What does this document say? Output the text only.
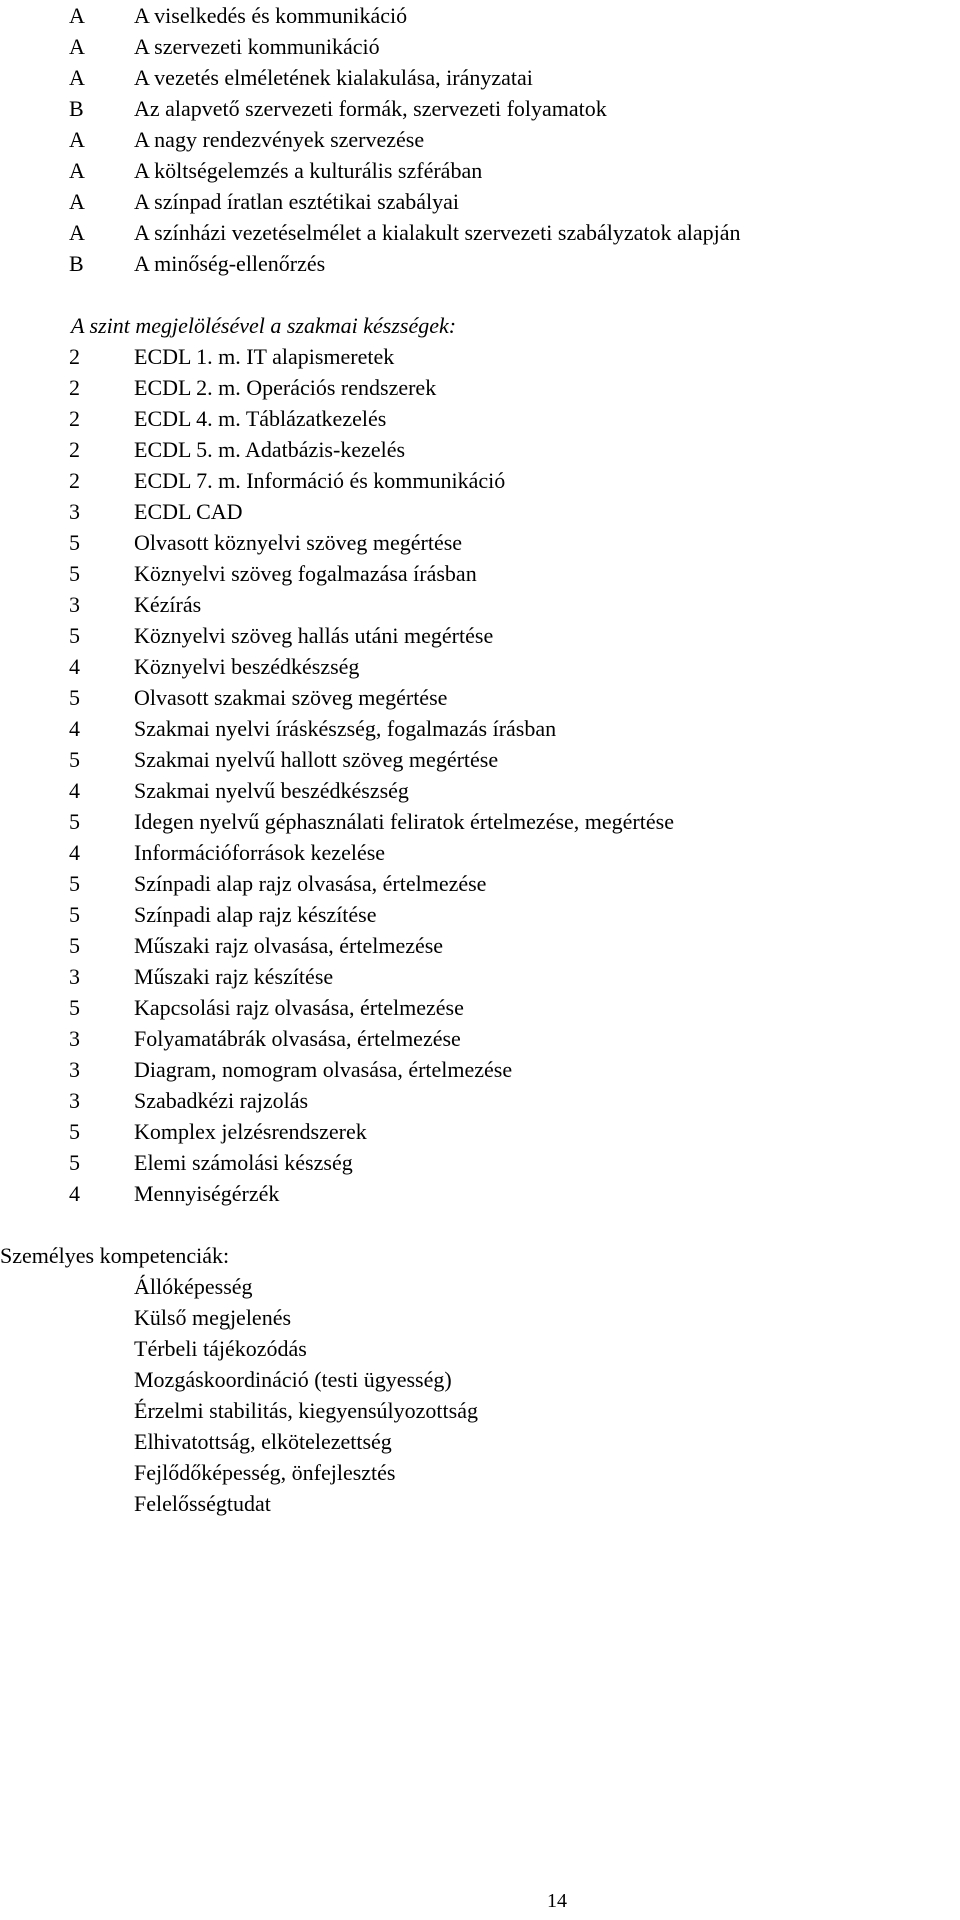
A	A viselkedés és kommunikáció
A	A szervezeti kommunikáció
A	A vezetés elméletének kialakulása, irányzatai
B	Az alapvető szervezeti formák, szervezeti folyamatok
A	A nagy rendezvények szervezése
A	A költségelemzés a kulturális szférában
A	A színpad íratlan esztétikai szabályai
A	A színházi vezetéselmélet a kialakult szervezeti szabályzatok alapján
B	A minőség-ellenőrzés
A szint megjelölésével a szakmai készségek:
2	ECDL 1. m. IT alapismeretek
2	ECDL 2. m. Operációs rendszerek
2	ECDL 4. m. Táblázatkezelés
2	ECDL 5. m. Adatbázis-kezelés
2	ECDL 7. m. Információ és kommunikáció
3	ECDL CAD
5	Olvasott köznyelvi szöveg megértése
5	Köznyelvi szöveg fogalmazása írásban
3	Kézírás
5	Köznyelvi szöveg hallás utáni megértése
4	Köznyelvi beszédkészség
5	Olvasott szakmai szöveg megértése
4	Szakmai nyelvi íráskészség, fogalmazás írásban
5	Szakmai nyelvű hallott szöveg megértése
4	Szakmai nyelvű beszédkészség
5	Idegen nyelvű géphasználati feliratok értelmezése, megértése
4	Információforrások kezelése
5	Színpadi alap rajz olvasása, értelmezése
5	Színpadi alap rajz készítése
5	Műszaki rajz olvasása, értelmezése
3	Műszaki rajz készítése
5	Kapcsolási rajz olvasása, értelmezése
3	Folyamatábrák olvasása, értelmezése
3	Diagram, nomogram olvasása, értelmezése
3	Szabadkézi rajzolás
5	Komplex jelzésrendszerek
5	Elemi számolási készség
4	Mennyiségérzék
Személyes kompetenciák:
Állóképesség
Külső megjelenés
Térbeli tájékozódás
Mozgáskoordináció (testi ügyesség)
Érzelmi stabilitás, kiegyensúlyozottság
Elhivatottság, elkötelezettség
Fejlődőképesség, önfejlesztés
Felelősségtudat
14
